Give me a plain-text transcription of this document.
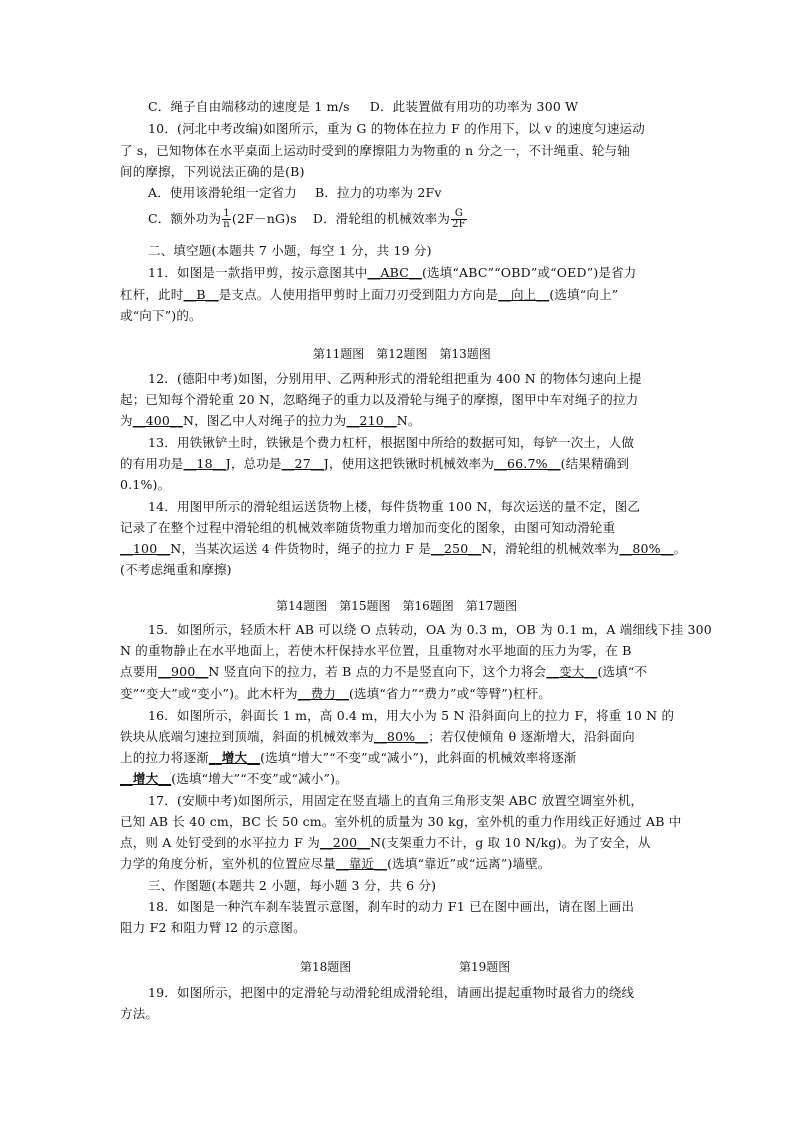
C．绳子自由端移动的速度是 1 m/s D．此装置做有用功的功率为 300 W
10．(河北中考改编)如图所示，重为 G 的物体在拉力 F 的作用下，以 v 的速度匀速运动
了 s，已知物体在水平桌面上运动时受到的摩擦阻力为物重的 n 分之一，不计绳重、轮与轴
间的摩擦，下列说法正确的是(B)
A．使用该滑轮组一定省力 B．拉力的功率为 2Fv
C．额外功为 $\frac{1}{n} (2F-nG)s$ D．滑轮组的机械效率为 $\frac{G}{2F}$
二、填空题(本题共 7 小题，每空 1 分，共 19 分)
11．如图是一款指甲剪，按示意图其中__ABC__(选填“ABC”“OBD”或“OED”)是省力
杠杆，此时__B__是支点。人使用指甲剪时上面刀刃受到阻力方向是__向上__(选填“向上”
或“向下”)的。
第11题图　第12题图　第13题图
12．(德阳中考)如图，分别用甲、乙两种形式的滑轮组把重为 400 N 的物体匀速向上提
起；已知每个滑轮重 20 N，忽略绳子的重力以及滑轮与绳子的摩擦，图甲中车对绳子的拉力
为__400__N，图乙中人对绳子的拉力为__210__N。
13．用铁锹铲土时，铁锹是个费力杠杆，根据图中所给的数据可知，每铲一次土，人做
的有用功是__18__J，总功是__27__J，使用这把铁锹时机械效率为__66.7%__(结果精确到
0.1%)。
14．用图甲所示的滑轮组运送货物上楼，每件货物重 100 N，每次运送的量不定，图乙
记录了在整个过程中滑轮组的机械效率随货物重力增加而变化的图象，由图可知动滑轮重
__100__N，当某次运送 4 件货物时，绳子的拉力 F 是__250__N，滑轮组的机械效率为__80%__。
(不考虑绳重和摩擦)
第14题图　第15题图　第16题图　第17题图
15．如图所示，轻质木杆 AB 可以绕 O 点转动，OA 为 0.3 m，OB 为 0.1 m，A 端细线下挂 300
N 的重物静止在水平地面上，若使木杆保持水平位置，且重物对水平地面的压力为零，在 B
点要用__900__N 竖直向下的拉力，若 B 点的力不是竖直向下，这个力将会__变大__(选填“不
变”“变大”或“变小”)。此木杆为__费力__(选填“省力”“费力”或“等臂”)杠杆。
16．如图所示，斜面长 1 m，高 0.4 m，用大小为 5 N 沿斜面向上的拉力 F，将重 10 N 的
铁块从底端匀速拉到顶端，斜面的机械效率为__80%__；若仅使倾角 θ 逐渐增大，沿斜面向
上的拉力将逐渐__增大__(选填“增大”“不变”或“减小”)，此斜面的机械效率将逐渐
__增大__(选填“增大”“不变”或“减小”)。
17．(安顺中考)如图所示，用固定在竖直墙上的直角三角形支架 ABC 放置空调室外机，
已知 AB 长 40 cm，BC 长 50 cm。室外机的质量为 30 kg，室外机的重力作用线正好通过 AB 中
点，则 A 处钉受到的水平拉力 F 为__200__N(支架重力不计，g 取 10 N/kg)。为了安全，从
力学的角度分析，室外机的位置应尽量__靠近__(选填“靠近”或“远离”)墙壁。
三、作图题(本题共 2 小题，每小题 3 分，共 6 分)
18．如图是一种汽车刹车装置示意图，刹车时的动力 F1 已在图中画出，请在图上画出
阻力 F2 和阻力臂 l2 的示意图。
第18题图	第19题图
19．如图所示，把图中的定滑轮与动滑轮组成滑轮组，请画出提起重物时最省力的绕线
方法。
